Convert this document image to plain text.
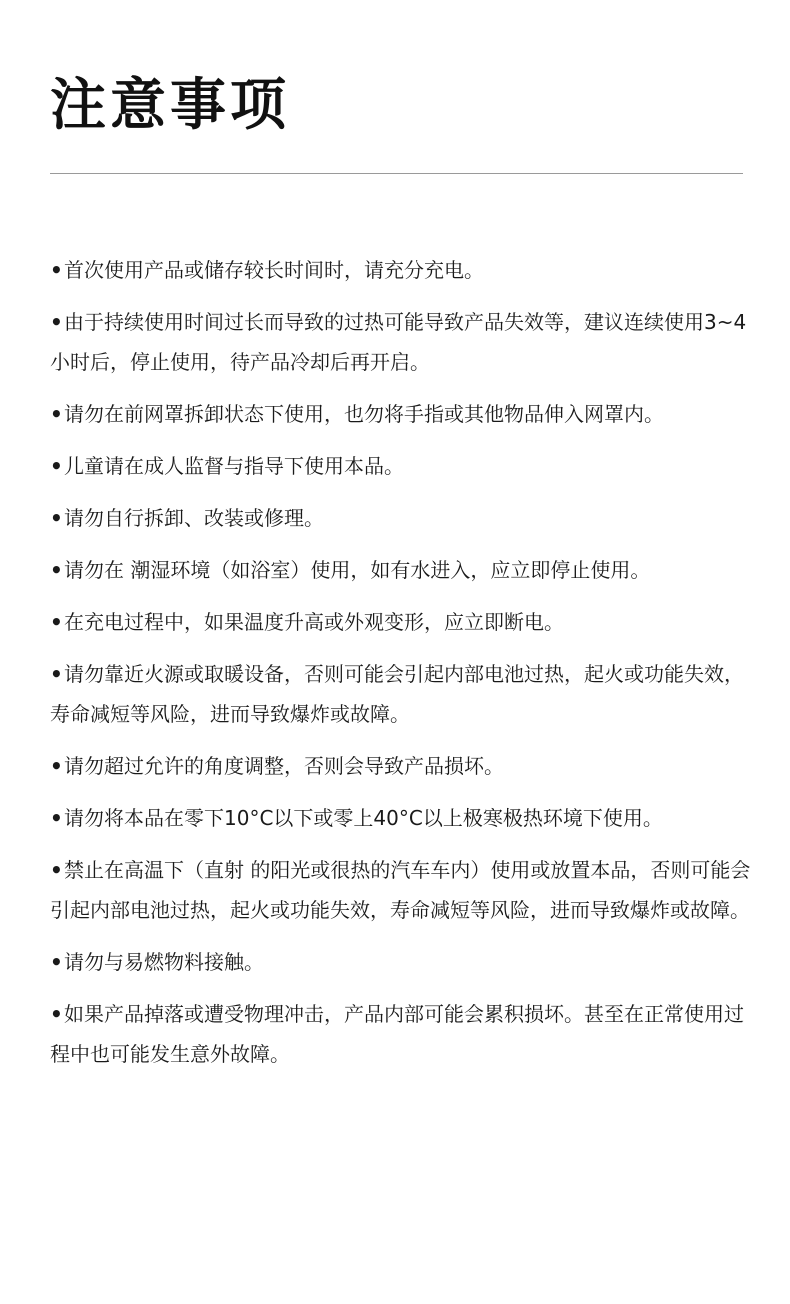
注意事项
•首次使用产品或储存较长时间时，请充分充电。
•由于持续使用时间过长而导致的过热可能导致产品失效等，建议连续使用3~4小时后，停止使用，待产品冷却后再开启。
•请勿在前网罩拆卸状态下使用，也勿将手指或其他物品伸入网罩内。
•儿童请在成人监督与指导下使用本品。
•请勿自行拆卸、改装或修理。
•请勿在 潮湿环境（如浴室）使用，如有水进入，应立即停止使用。
•在充电过程中，如果温度升高或外观变形，应立即断电。
•请勿靠近火源或取暖设备，否则可能会引起内部电池过热，起火或功能失效，寿命减短等风险，进而导致爆炸或故障。
•请勿超过允许的角度调整，否则会导致产品损坏。
•请勿将本品在零下10°C以下或零上40°C以上极寒极热环境下使用。
•禁止在高温下（直射 的阳光或很热的汽车车内）使用或放置本品，否则可能会引起内部电池过热，起火或功能失效，寿命减短等风险，进而导致爆炸或故障。
•请勿与易燃物料接触。
•如果产品掉落或遭受物理冲击，产品内部可能会累积损坏。甚至在正常使用过程中也可能发生意外故障。
